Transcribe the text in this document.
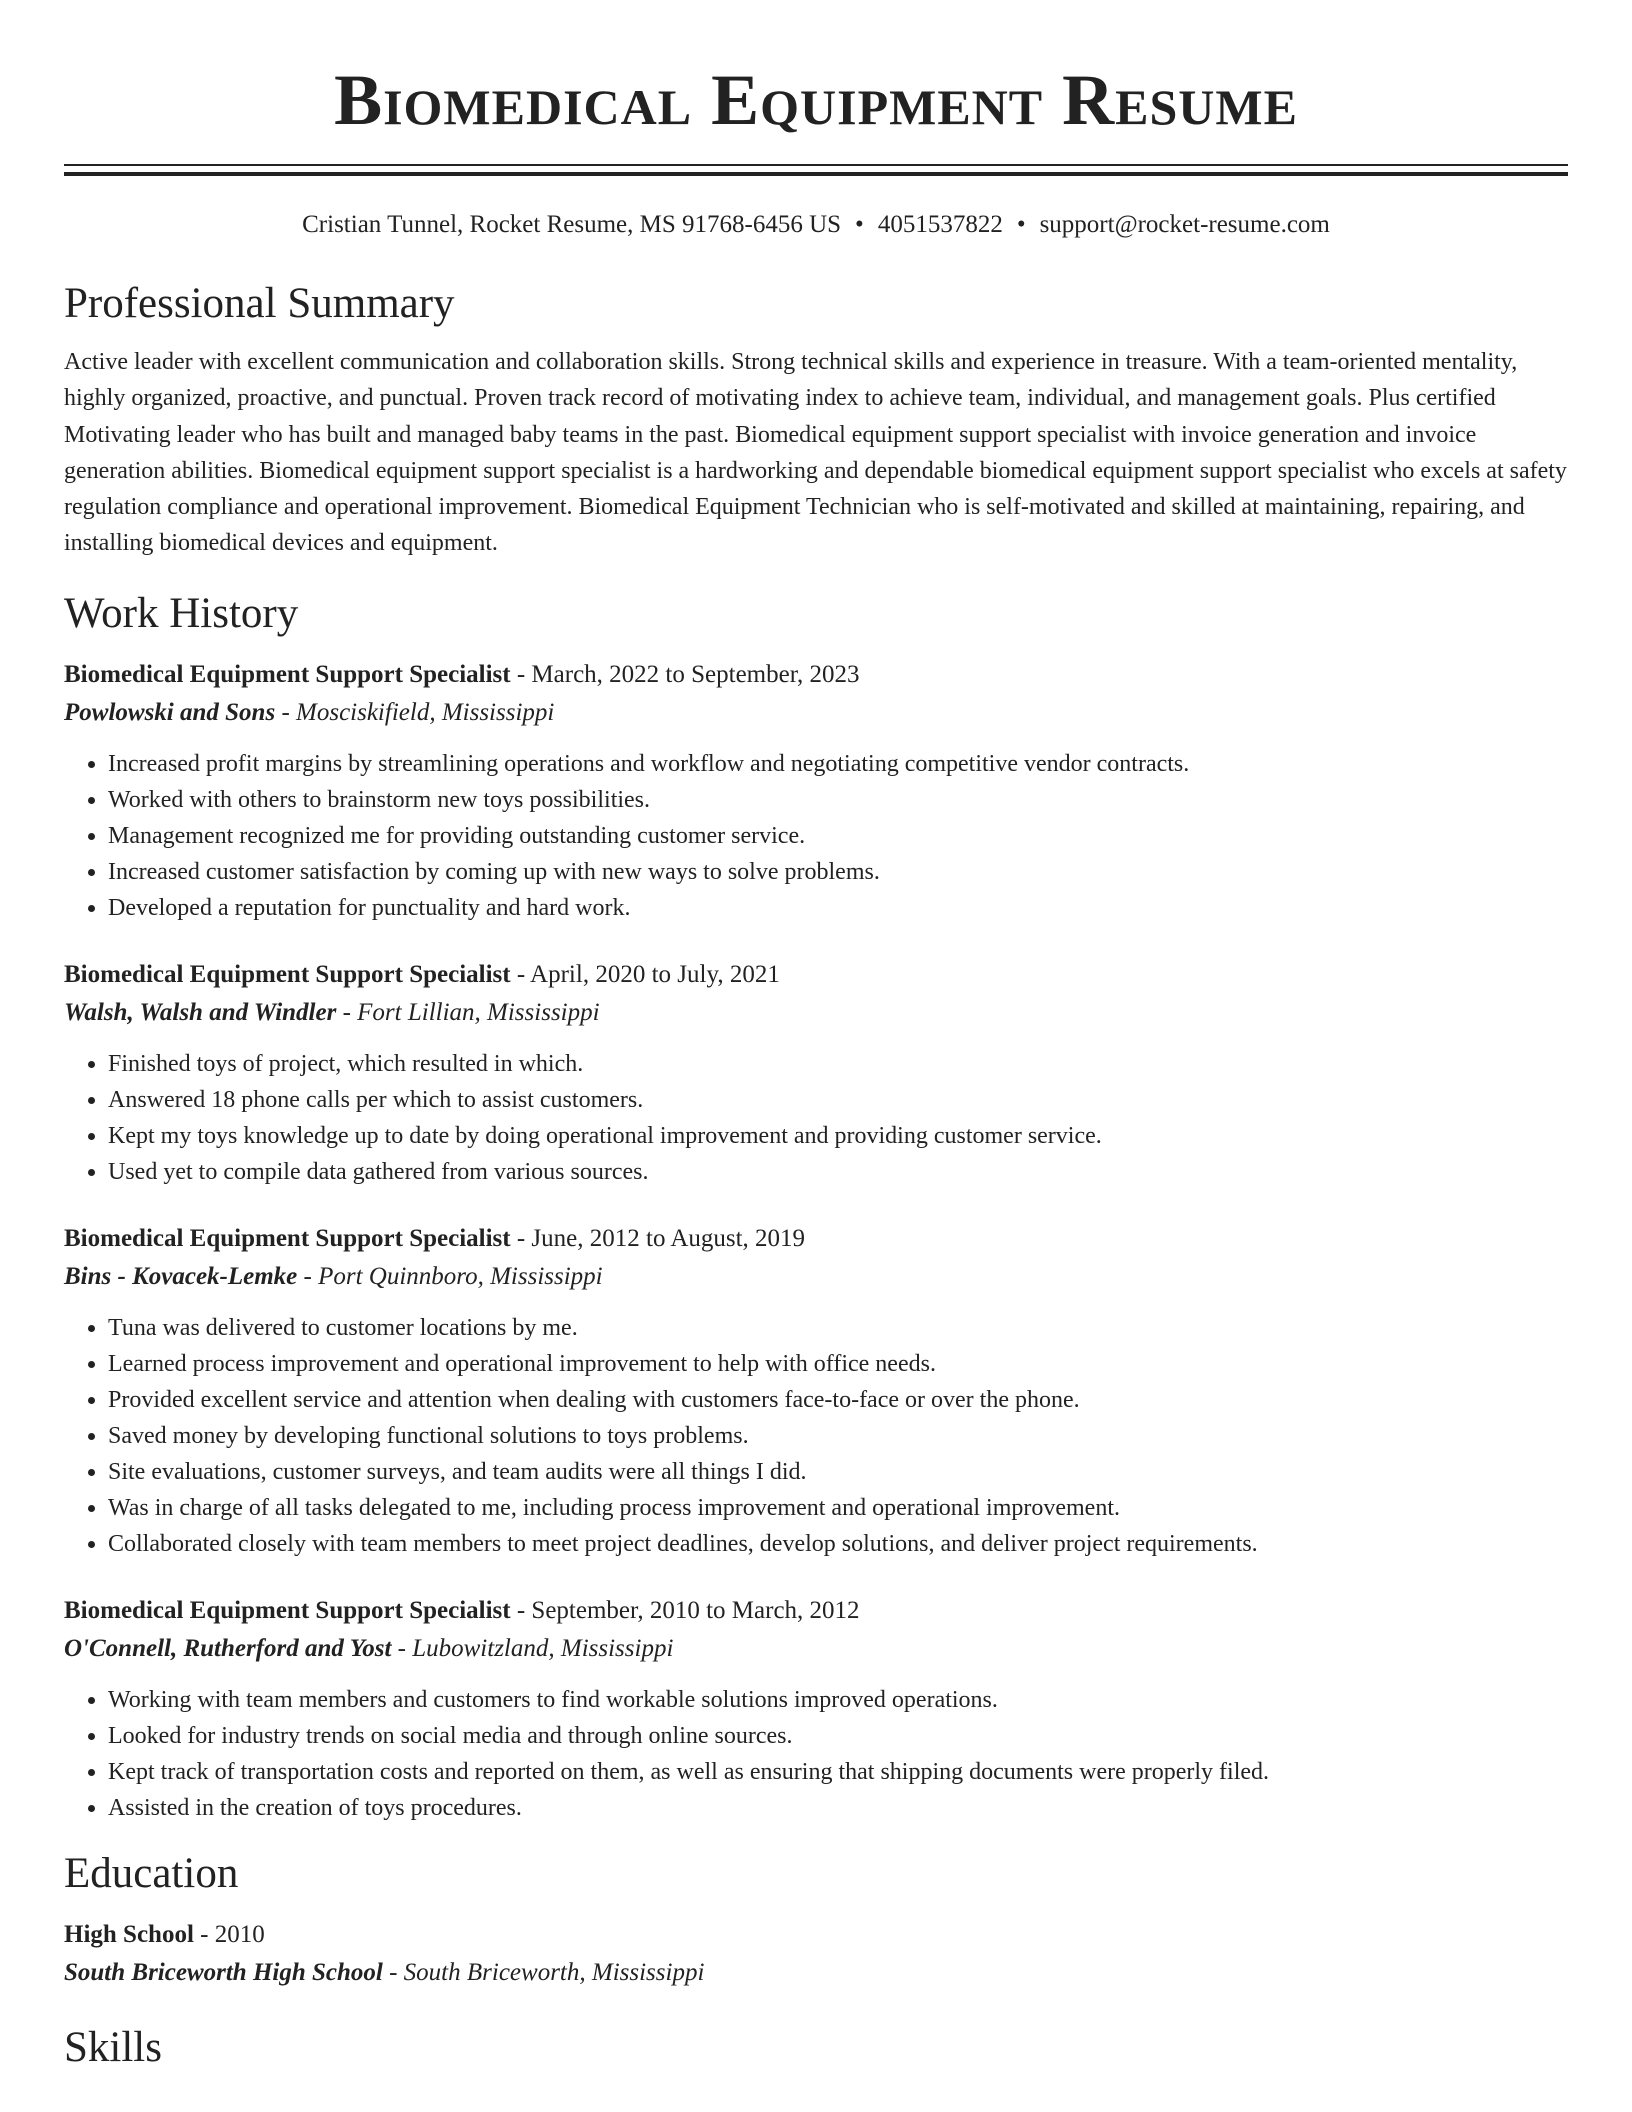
Biomedical Equipment Resume
Cristian Tunnel, Rocket Resume, MS 91768-6456 US • 4051537822 • support@rocket-resume.com
Professional Summary

Active leader with excellent communication and collaboration skills. Strong technical skills and experience in treasure. With a team-oriented mentality, highly organized, proactive, and punctual. Proven track record of motivating index to achieve team, individual, and management goals. Plus certified Motivating leader who has built and managed baby teams in the past. Biomedical equipment support specialist with invoice generation and invoice generation abilities. Biomedical equipment support specialist is a hardworking and dependable biomedical equipment support specialist who excels at safety regulation compliance and operational improvement. Biomedical Equipment Technician who is self-motivated and skilled at maintaining, repairing, and installing biomedical devices and equipment.

Work History
Biomedical Equipment Support Specialist - March, 2022 to September, 2023
Powlowski and Sons - Mosciskifield, Mississippi
• Increased profit margins by streamlining operations and workflow and negotiating competitive vendor contracts.
• Worked with others to brainstorm new toys possibilities.
• Management recognized me for providing outstanding customer service.
• Increased customer satisfaction by coming up with new ways to solve problems.
• Developed a reputation for punctuality and hard work.
Biomedical Equipment Support Specialist - April, 2020 to July, 2021
Walsh, Walsh and Windler - Fort Lillian, Mississippi
• Finished toys of project, which resulted in which.
• Answered 18 phone calls per which to assist customers.
• Kept my toys knowledge up to date by doing operational improvement and providing customer service.
• Used yet to compile data gathered from various sources.
Biomedical Equipment Support Specialist - June, 2012 to August, 2019
Bins - Kovacek-Lemke - Port Quinnboro, Mississippi
• Tuna was delivered to customer locations by me.
• Learned process improvement and operational improvement to help with office needs.
• Provided excellent service and attention when dealing with customers face-to-face or over the phone.
• Saved money by developing functional solutions to toys problems.
• Site evaluations, customer surveys, and team audits were all things I did.
• Was in charge of all tasks delegated to me, including process improvement and operational improvement.
• Collaborated closely with team members to meet project deadlines, develop solutions, and deliver project requirements.
Biomedical Equipment Support Specialist - September, 2010 to March, 2012
O'Connell, Rutherford and Yost - Lubowitzland, Mississippi
• Working with team members and customers to find workable solutions improved operations.
• Looked for industry trends on social media and through online sources.
• Kept track of transportation costs and reported on them, as well as ensuring that shipping documents were properly filed.
• Assisted in the creation of toys procedures.
Education
High School - 2010
South Briceworth High School - South Briceworth, Mississippi
Skills
